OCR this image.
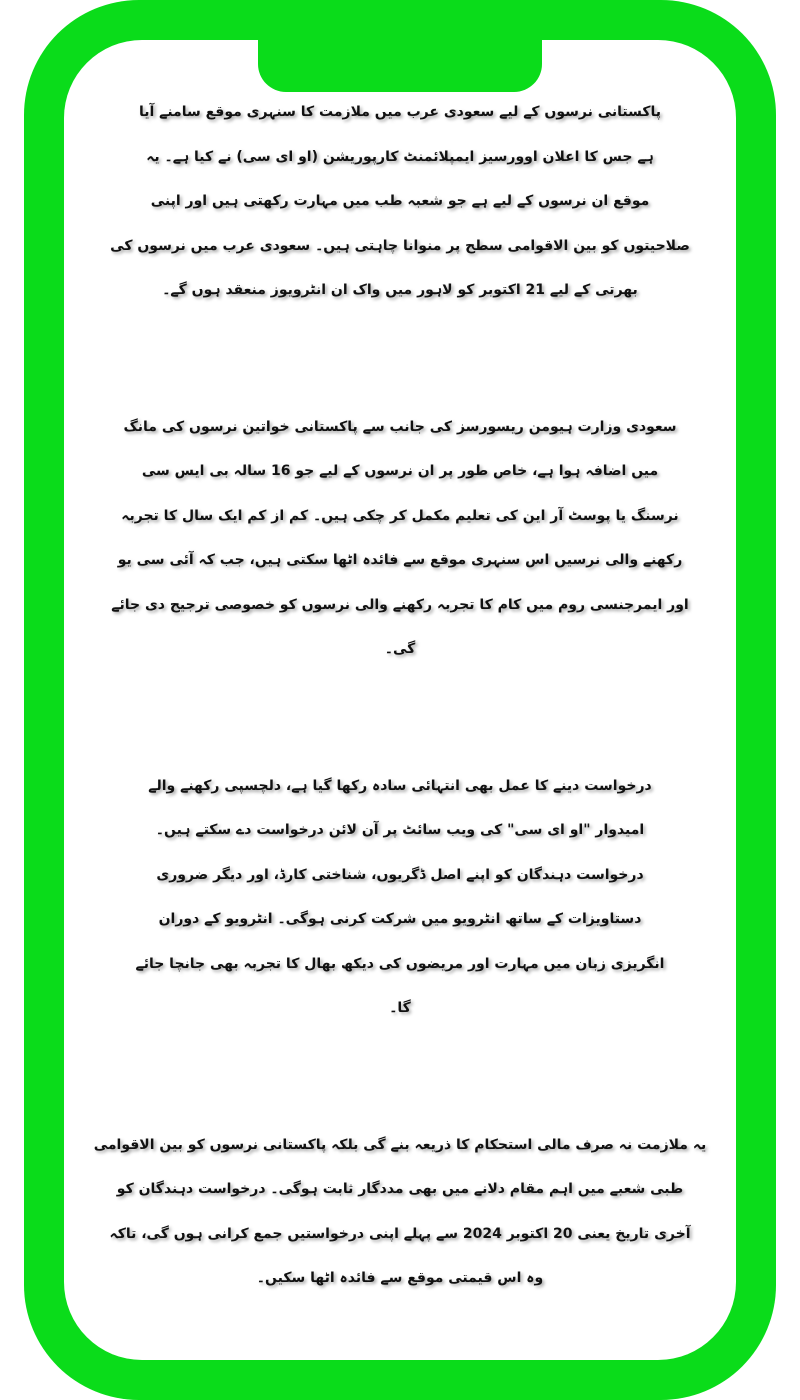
پاکستانی نرسوں کے لیے سعودی عرب میں ملازمت کا سنہری موقع سامنے آیا
ہے جس کا اعلان اوورسیز ایمپلائمنٹ کارپوریشن (او ای سی) نے کیا ہے۔ یہ
موقع ان نرسوں کے لیے ہے جو شعبہ طب میں مہارت رکھتی ہیں اور اپنی
صلاحیتوں کو بین الاقوامی سطح پر منوانا چاہتی ہیں۔ سعودی عرب میں نرسوں کی
بھرتی کے لیے 21 اکتوبر کو لاہور میں واک ان انٹرویوز منعقد ہوں گے۔

سعودی وزارت ہیومن ریسورسز کی جانب سے پاکستانی خواتین نرسوں کی مانگ
میں اضافہ ہوا ہے، خاص طور پر ان نرسوں کے لیے جو 16 سالہ بی ایس سی
نرسنگ یا پوسٹ آر این کی تعلیم مکمل کر چکی ہیں۔ کم از کم ایک سال کا تجربہ
رکھنے والی نرسیں اس سنہری موقع سے فائدہ اٹھا سکتی ہیں، جب کہ آئی سی یو
اور ایمرجنسی روم میں کام کا تجربہ رکھنے والی نرسوں کو خصوصی ترجیح دی جائے
گی۔

درخواست دینے کا عمل بھی انتہائی سادہ رکھا گیا ہے، دلچسپی رکھنے والے
امیدوار "او ای سی" کی ویب سائٹ پر آن لائن درخواست دے سکتے ہیں۔
درخواست دہندگان کو اپنے اصل ڈگریوں، شناختی کارڈ، اور دیگر ضروری
دستاویزات کے ساتھ انٹرویو میں شرکت کرنی ہوگی۔ انٹرویو کے دوران
انگریزی زبان میں مہارت اور مریضوں کی دیکھ بھال کا تجربہ بھی جانچا جائے
گا۔

یہ ملازمت نہ صرف مالی استحکام کا ذریعہ بنے گی بلکہ پاکستانی نرسوں کو بین الاقوامی
طبی شعبے میں اہم مقام دلانے میں بھی مددگار ثابت ہوگی۔ درخواست دہندگان کو
آخری تاریخ یعنی 20 اکتوبر 2024 سے پہلے اپنی درخواستیں جمع کرانی ہوں گی، تاکہ
وہ اس قیمتی موقع سے فائدہ اٹھا سکیں۔
